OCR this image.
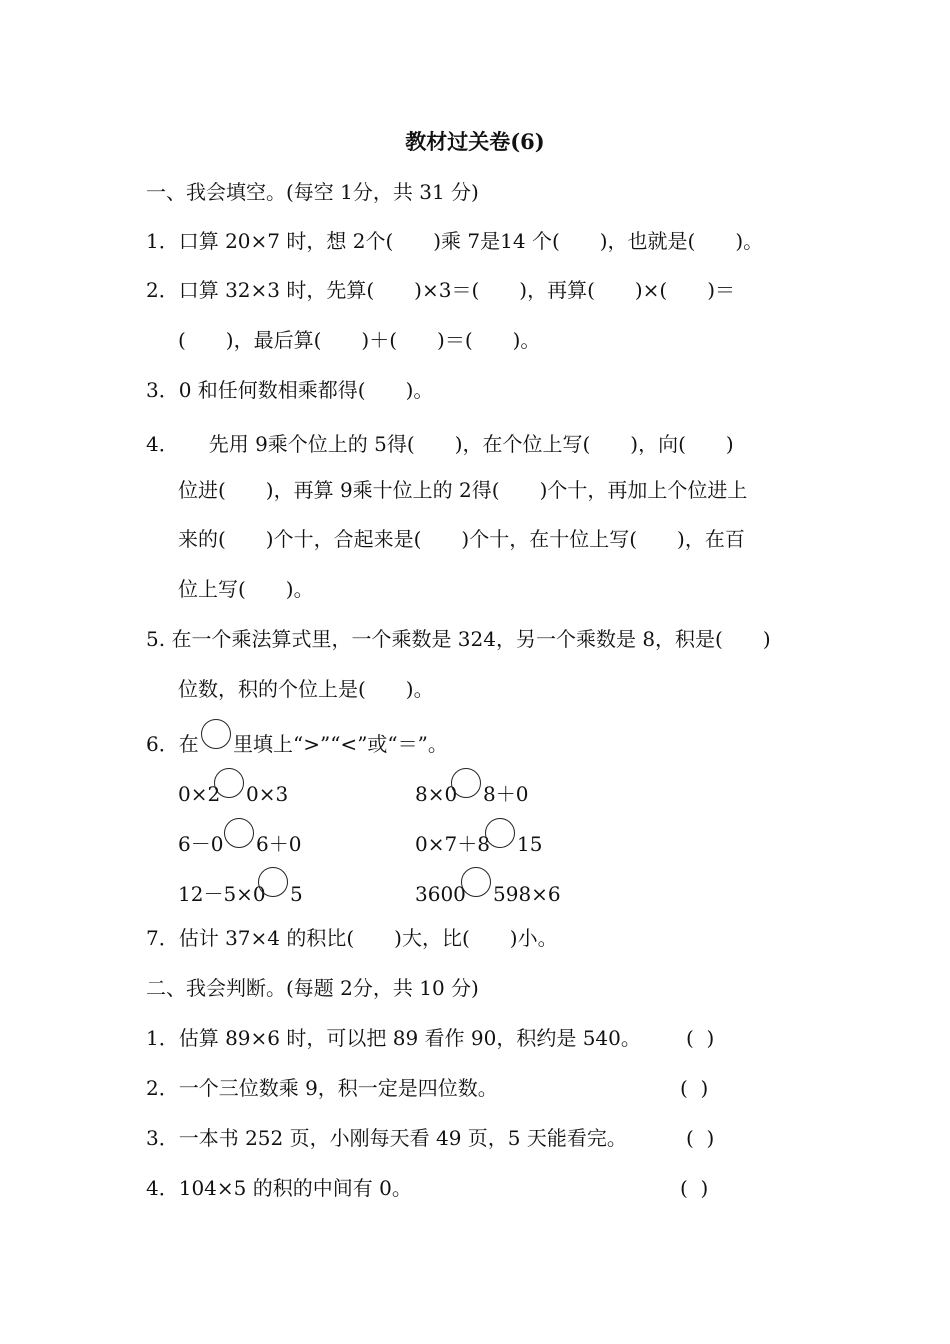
教材过关卷(6)
一、我会填空。(每空 1分，共 31 分)
1．口算 20×7 时，想 2个(　　)乘 7是14 个(　　)，也就是(　　)。
2．口算 32×3 时，先算(　　)×3＝(　　)，再算(　　)×(　　)＝
(　　)，最后算(　　)＋(　　)＝(　　)。
3．0 和任何数相乘都得(　　)。
4．　　先用 9乘个位上的 5得(　　)，在个位上写(　　)，向(　　)
位进(　　)，再算 9乘十位上的 2得(　　)个十，再加上个位进上
来的(　　)个十，合起来是(　　)个十，在十位上写(　　)，在百
位上写(　　)。
5. 在一个乘法算式里，一个乘数是 324，另一个乘数是 8，积是(　　)
位数，积的个位上是(　　)。
6．在 里填上“>”“<”或“＝”。
0×2 0×3	8×0 8＋0
6－0 6＋0	0×7＋8 15
12－5×0 5	3600 598×6
7．估计 37×4 的积比(　　)大，比(　　)小。
二、我会判断。(每题 2分，共 10 分)
1．估算 89×6 时，可以把 89 看作 90，积约是 540。 (  )
2．一个三位数乘 9，积一定是四位数。	(  )
3．一本书 252 页，小刚每天看 49 页，5 天能看完。	(  )
4．104×5 的积的中间有 0。	(  )
